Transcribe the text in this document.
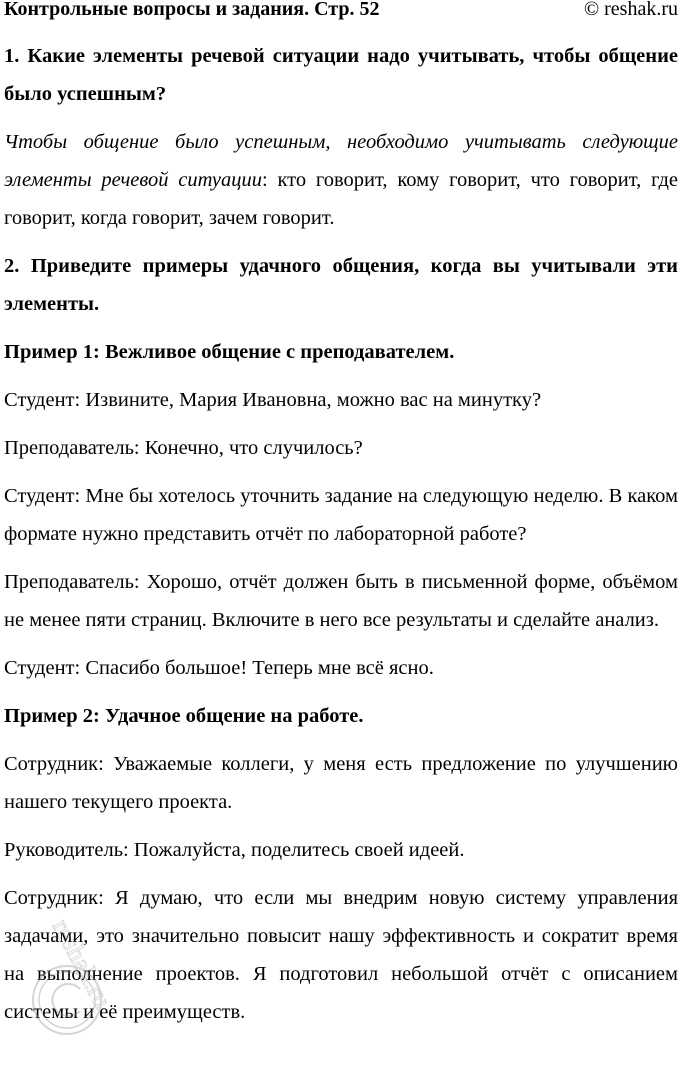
Контрольные вопросы и задания. Стр. 52	© reshak.ru

1. Какие элементы речевой ситуации надо учитывать, чтобы общение было успешным?

Чтобы общение было успешным, необходимо учитывать следующие элементы речевой ситуации: кто говорит, кому говорит, что говорит, где говорит, когда говорит, зачем говорит.

2. Приведите примеры удачного общения, когда вы учитывали эти элементы.

Пример 1: Вежливое общение с преподавателем.

Студент: Извините, Мария Ивановна, можно вас на минутку?

Преподаватель: Конечно, что случилось?

Студент: Мне бы хотелось уточнить задание на следующую неделю. В каком формате нужно представить отчёт по лабораторной работе?

Преподаватель: Хорошо, отчёт должен быть в письменной форме, объёмом не менее пяти страниц. Включите в него все результаты и сделайте анализ.

Студент: Спасибо большое! Теперь мне всё ясно.

Пример 2: Удачное общение на работе.

Сотрудник: Уважаемые коллеги, у меня есть предложение по улучшению нашего текущего проекта.

Руководитель: Пожалуйста, поделитесь своей идеей.

Сотрудник: Я думаю, что если мы внедрим новую систему управления задачами, это значительно повысит нашу эффективность и сократит время на выполнение проектов. Я подготовил небольшой отчёт с описанием системы и её преимуществ.

reshak.ru
